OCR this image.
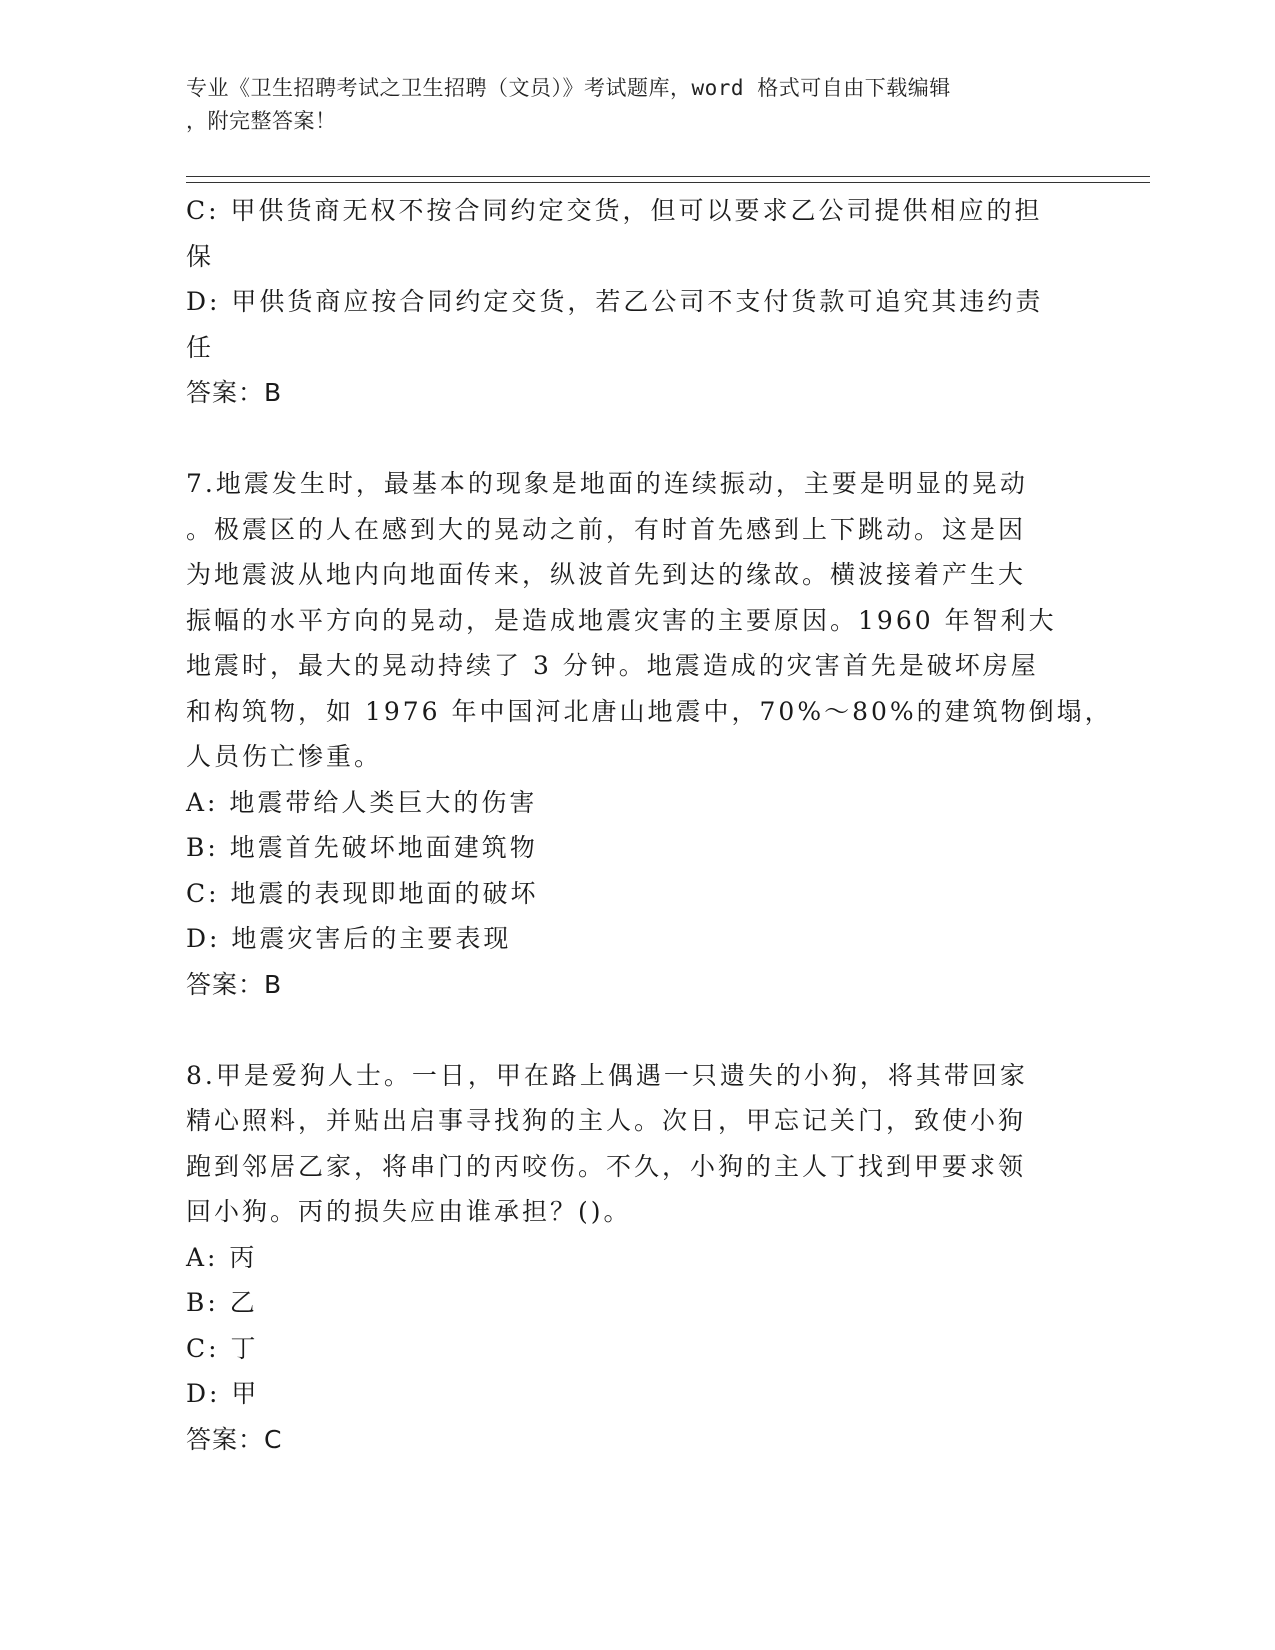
专业《卫生招聘考试之卫生招聘（文员）》考试题库，word 格式可自由下载编辑
，附完整答案！
C: 甲供货商无权不按合同约定交货，但可以要求乙公司提供相应的担
保
D: 甲供货商应按合同约定交货，若乙公司不支付货款可追究其违约责
任
答案：B
7.地震发生时，最基本的现象是地面的连续振动，主要是明显的晃动
。极震区的人在感到大的晃动之前，有时首先感到上下跳动。这是因
为地震波从地内向地面传来，纵波首先到达的缘故。横波接着产生大
振幅的水平方向的晃动，是造成地震灾害的主要原因。1960 年智利大
地震时，最大的晃动持续了 3 分钟。地震造成的灾害首先是破坏房屋
和构筑物，如 1976 年中国河北唐山地震中，70%～80%的建筑物倒塌，
人员伤亡惨重。
A: 地震带给人类巨大的伤害
B: 地震首先破坏地面建筑物
C: 地震的表现即地面的破坏
D: 地震灾害后的主要表现
答案：B
8.甲是爱狗人士。一日，甲在路上偶遇一只遗失的小狗，将其带回家
精心照料，并贴出启事寻找狗的主人。次日，甲忘记关门，致使小狗
跑到邻居乙家，将串门的丙咬伤。不久，小狗的主人丁找到甲要求领
回小狗。丙的损失应由谁承担？()。
A: 丙
B: 乙
C: 丁
D: 甲
答案：C
